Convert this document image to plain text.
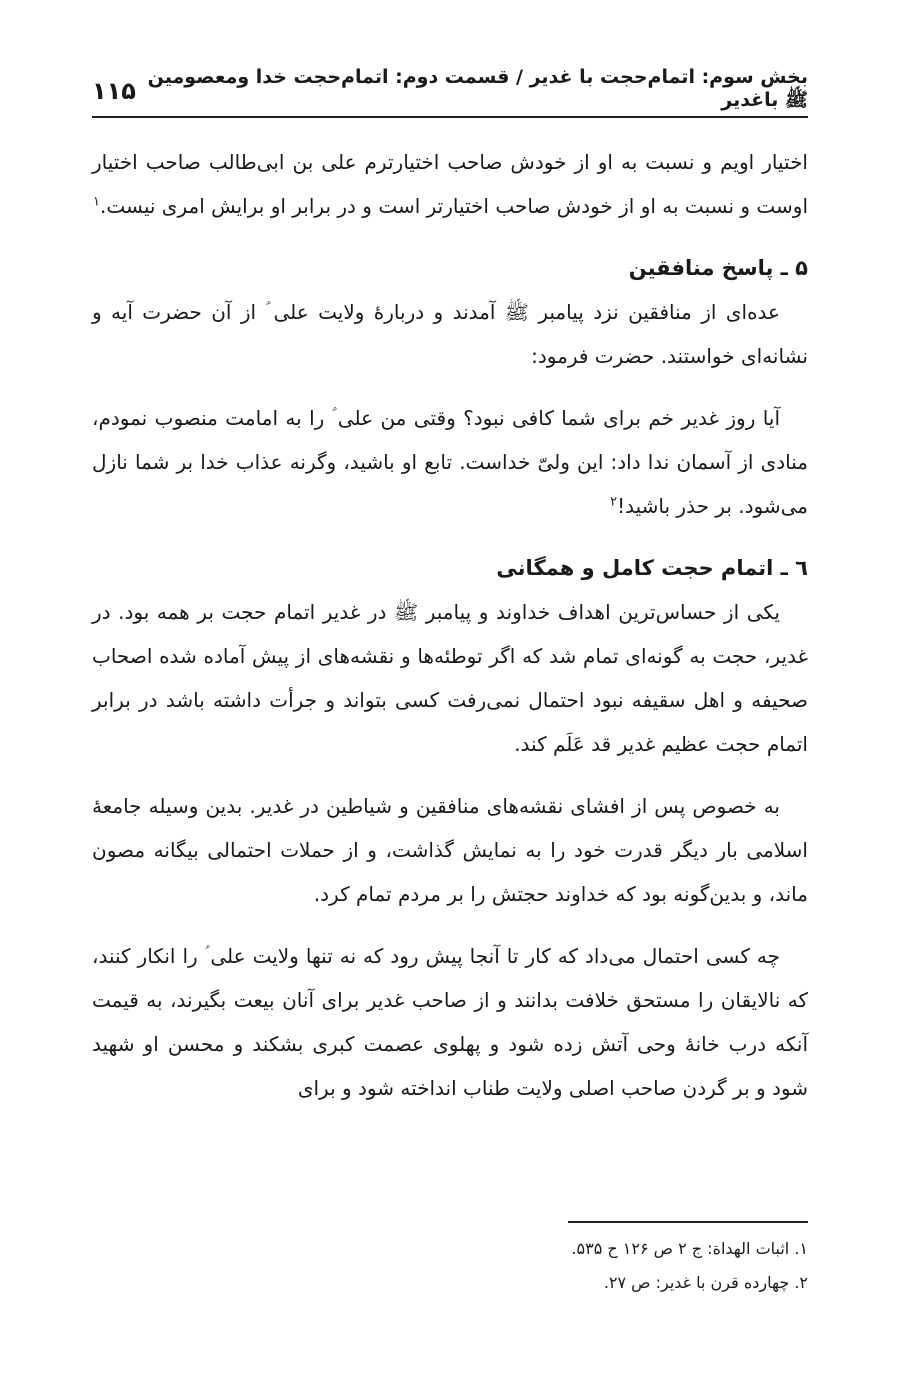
بخش سوم: اتمام‌حجت با غدیر / قسمت دوم: اتمام‌حجت خدا ومعصومین ﷺ باغدیر
۱۱۵

اختیار اویم و نسبت به او از خودش صاحب اختیارترم علی بن ابی‌طالب صاحب اختیار اوست و نسبت به او از خودش صاحب اختیارتر است و در برابر او برایش امری نیست.$^۱$

۵ ـ پاسخ منافقین

عده‌ای از منافقین نزد پیامبر ﷺ آمدند و دربارهٔ ولایت علی ؑ از آن حضرت آیه و نشانه‌ای خواستند. حضرت فرمود:

آیا روز غدیر خم برای شما کافی نبود؟ وقتی من علی ؑ را به امامت منصوب نمودم، منادی از آسمان ندا داد: این ولیّ خداست. تابع او باشید، وگرنه عذاب خدا بر شما نازل می‌شود. بر حذر باشید!$^۲$

٦ ـ اتمام حجت کامل و همگانی

یکی از حساس‌ترین اهداف خداوند و پیامبر ﷺ در غدیر اتمام حجت بر همه بود. در غدیر، حجت به گونه‌ای تمام شد که اگر توطئه‌ها و نقشه‌های از پیش آماده شده اصحاب صحیفه و اهل سقیفه نبود احتمال نمی‌رفت کسی بتواند و جرأت داشته باشد در برابر اتمام حجت عظیم غدیر قد عَلَم کند.

به خصوص پس از افشای نقشه‌های منافقین و شیاطین در غدیر. بدین وسیله جامعهٔ اسلامی بار دیگر قدرت خود را به نمایش گذاشت، و از حملات احتمالی بیگانه مصون ماند، و بدین‌گونه بود که خداوند حجتش را بر مردم تمام کرد.

چه کسی احتمال می‌داد که کار تا آنجا پیش رود که نه تنها ولایت علی ؑ را انکار کنند، که نالایقان را مستحق خلافت بدانند و از صاحب غدیر برای آنان بیعت بگیرند، به قیمت آنکه درب خانهٔ وحی آتش زده شود و پهلوی عصمت کبری بشکند و محسن او شهید شود و بر گردن صاحب اصلی ولایت طناب انداخته شود و برای

۱. اثبات الهداة: ج ۲ ص ۱۲۶ ح ۵۳۵.
۲. چهارده قرن با غدیر: ص ۲۷.
